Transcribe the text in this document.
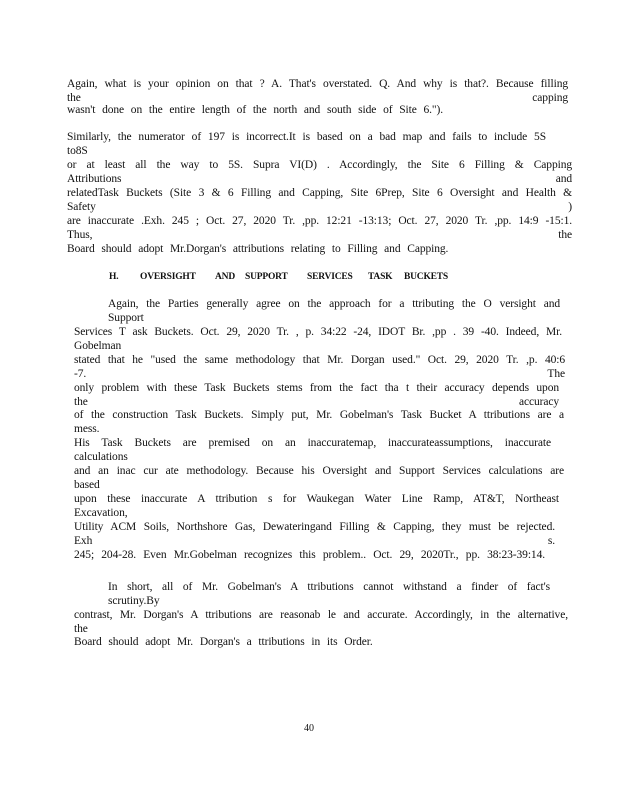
Again, what is your opinion on that ? A. That's overstated. Q. And why is that?. Because filling the capping
wasn't done on the entire length of the north and south side of Site 6.").
Similarly, the numerator of 197 is incorrect.It is based on a bad map and fails to include 5S to8S
or at least all the way to 5S. Supra VI(D) . Accordingly, the Site 6 Filling & Capping Attributions and
relatedTask Buckets (Site 3 & 6 Filling and Capping, Site 6Prep, Site 6 Oversight and Health & Safety )
are inaccurate .Exh. 245 ; Oct. 27, 2020 Tr. ,pp. 12:21 -13:13; Oct. 27, 2020 Tr. ,pp. 14:9 -15:1. Thus, the
Board should adopt Mr.Dorgan's attributions relating to Filling and Capping.
H. OVERSIGHT AND SUPPORT SERVICES TASK BUCKETS
Again, the Parties generally agree on the approach for a ttributing the O versight and Support
Services T ask Buckets. Oct. 29, 2020 Tr. , p. 34:22 -24, IDOT Br. ,pp . 39 -40. Indeed, Mr. Gobelman
stated that he "used the same methodology that Mr. Dorgan used." Oct. 29, 2020 Tr. ,p. 40:6 -7. The
only problem with these Task Buckets stems from the fact tha t their accuracy depends upon the accuracy
of the construction Task Buckets. Simply put, Mr. Gobelman's Task Bucket A ttributions are a mess.
His Task Buckets are premised on an inaccuratemap, inaccurateassumptions, inaccurate calculations
and an inac cur ate methodology. Because his Oversight and Support Services calculations are based
upon these inaccurate A ttribution s for Waukegan Water Line Ramp, AT&T, Northeast Excavation,
Utility ACM Soils, Northshore Gas, Dewateringand Filling & Capping, they must be rejected. Exh s.
245; 204-28. Even Mr.Gobelman recognizes this problem.. Oct. 29, 2020Tr., pp. 38:23-39:14.
In short, all of Mr. Gobelman's A ttributions cannot withstand a finder of fact's scrutiny.By
contrast, Mr. Dorgan's A ttributions are reasonab le and accurate. Accordingly, in the alternative, the
Board should adopt Mr. Dorgan's a ttributions in its Order.
40
